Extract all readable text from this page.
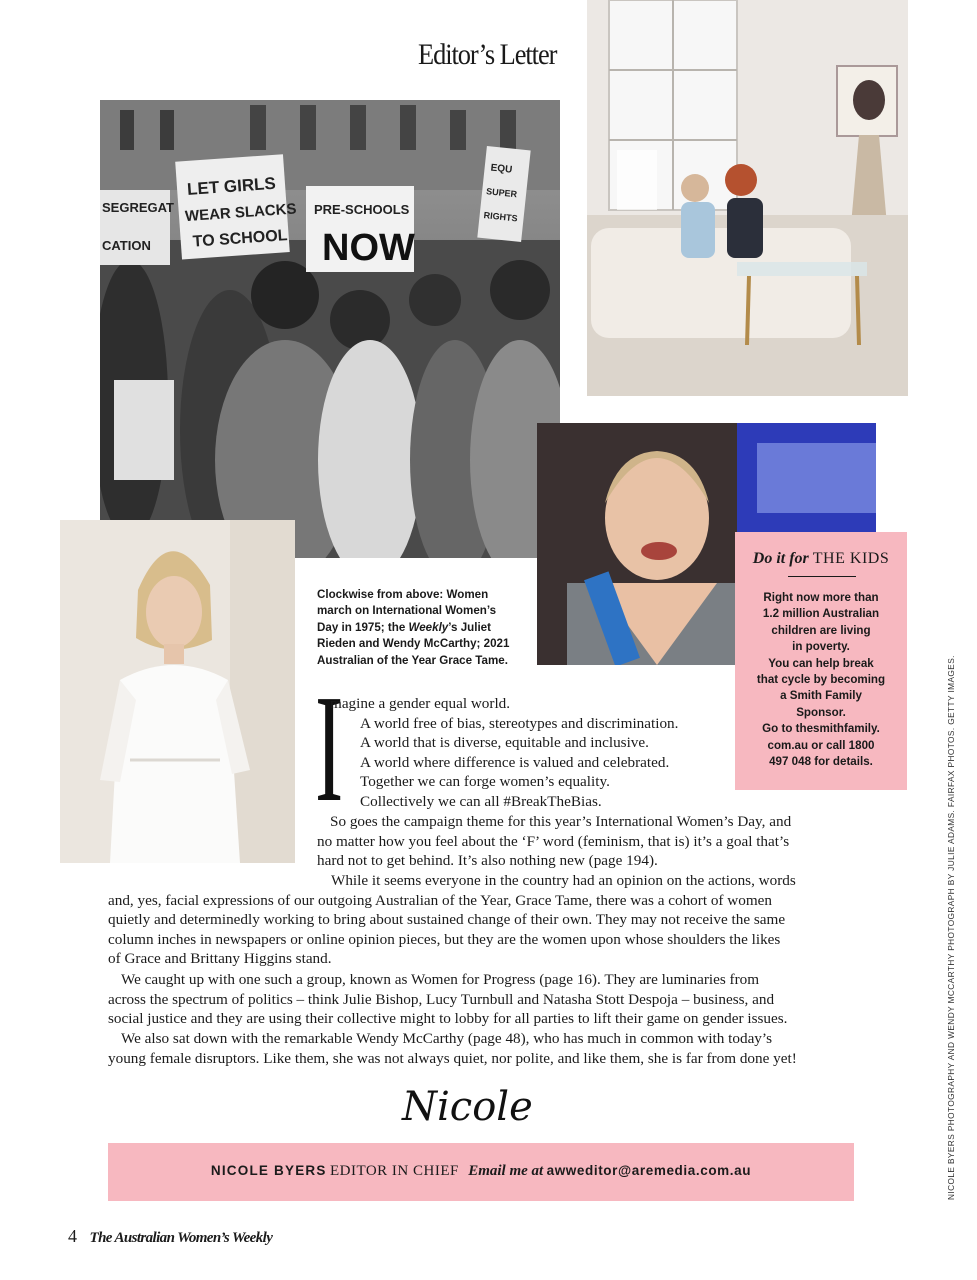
Editor’s Letter
LET GIRLS
WEAR SLACKS
TO SCHOOL
PRE-SCHOOLS
NOW
SEGREGAT
CATION
EQU
SUPER
RIGHTS
Clockwise from above: Women
march on International Women’s
Day in 1975; the Weekly’s Juliet
Rieden and Wendy McCarthy; 2021
Australian of the Year Grace Tame.
Do it for THE KIDS
Right now more than
1.2 million Australian
children are living
in poverty.
You can help break
that cycle by becoming
a Smith Family
Sponsor.
Go to thesmithfamily.
com.au or call 1800
497 048 for details.
I
magine a gender equal world.
A world free of bias, stereotypes and discrimination.
A world that is diverse, equitable and inclusive.
A world where difference is valued and celebrated.
Together we can forge women’s equality.
Collectively we can all #BreakTheBias.
So goes the campaign theme for this year’s International Women’s Day, and
no matter how you feel about the ‘F’ word (feminism, that is) it’s a goal that’s
hard not to get behind. It’s also nothing new (page 194).
While it seems everyone in the country had an opinion on the actions, words
and, yes, facial expressions of our outgoing Australian of the Year, Grace Tame, there was a cohort of women
quietly and determinedly working to bring about sustained change of their own. They may not receive the same
column inches in newspapers or online opinion pieces, but they are the women upon whose shoulders the likes
of Grace and Brittany Higgins stand.
We caught up with one such a group, known as Women for Progress (page 16). They are luminaries from
across the spectrum of politics – think Julie Bishop, Lucy Turnbull and Natasha Stott Despoja – business, and
social justice and they are using their collective might to lobby for all parties to lift their game on gender issues.
We also sat down with the remarkable Wendy McCarthy (page 48), who has much in common with today’s
young female disruptors. Like them, she was not always quiet, nor polite, and like them, she is far from done yet!
Nicole
NICOLE BYERS EDITOR IN CHIEF Email me at awweditor@aremedia.com.au	NICOLE BYERS PHOTOGRAPHY AND WENDY MCCARTHY PHOTOGRAPH BY JULIE ADAMS. FAIRFAX PHOTOS. GETTY IMAGES.
4 The Australian Women’s Weekly
